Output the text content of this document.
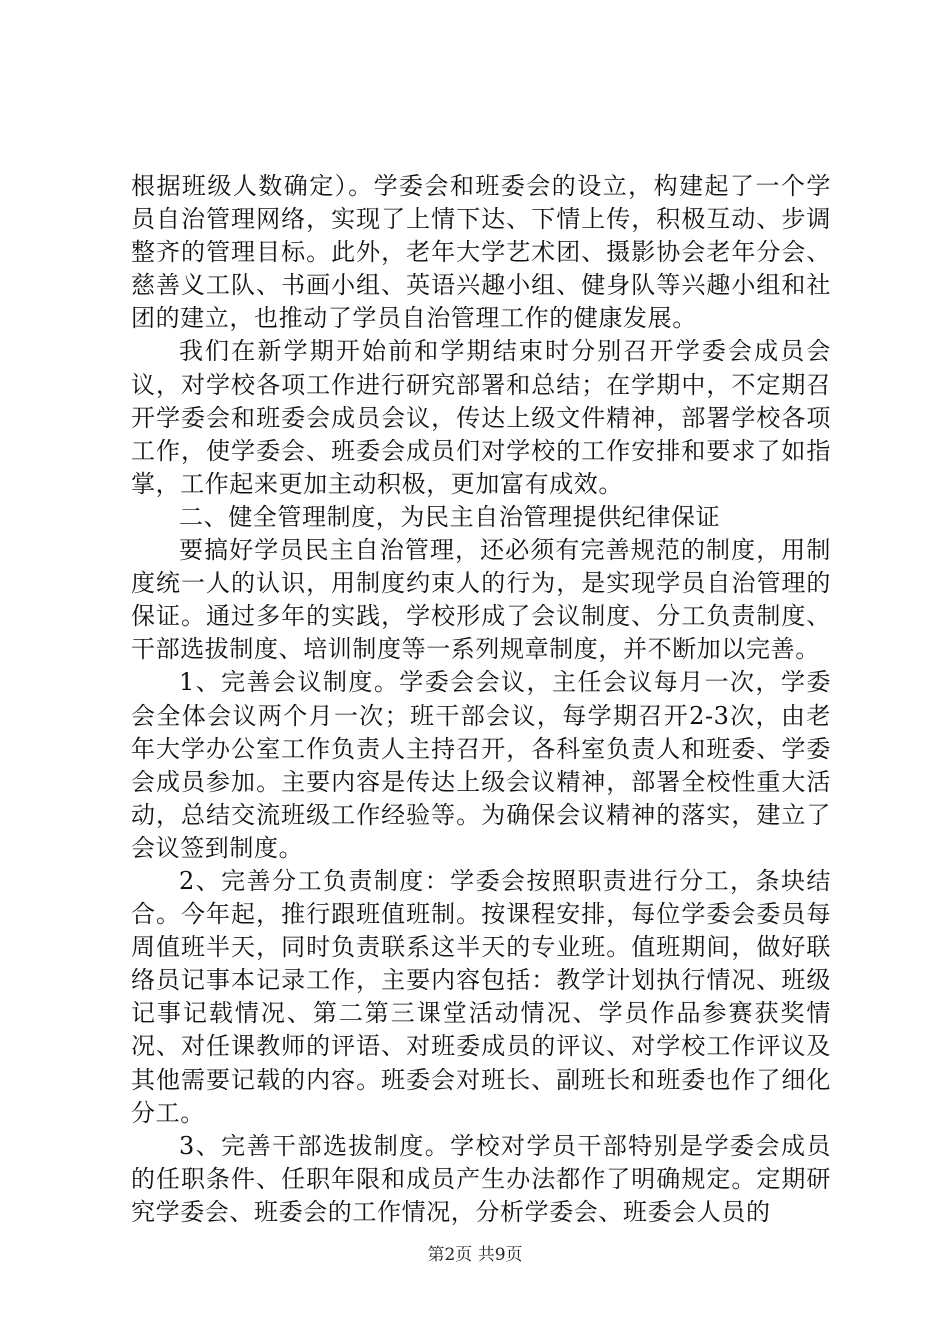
根据班级人数确定）。学委会和班委会的设立，构建起了一个学员自治管理网络，实现了上情下达、下情上传，积极互动、步调整齐的管理目标。此外，老年大学艺术团、摄影协会老年分会、慈善义工队、书画小组、英语兴趣小组、健身队等兴趣小组和社团的建立，也推动了学员自治管理工作的健康发展。

我们在新学期开始前和学期结束时分别召开学委会成员会议，对学校各项工作进行研究部署和总结；在学期中，不定期召开学委会和班委会成员会议，传达上级文件精神，部署学校各项工作，使学委会、班委会成员们对学校的工作安排和要求了如指掌，工作起来更加主动积极，更加富有成效。

二、健全管理制度，为民主自治管理提供纪律保证

要搞好学员民主自治管理，还必须有完善规范的制度，用制度统一人的认识，用制度约束人的行为，是实现学员自治管理的保证。通过多年的实践，学校形成了会议制度、分工负责制度、干部选拔制度、培训制度等一系列规章制度，并不断加以完善。

1、完善会议制度。学委会会议，主任会议每月一次，学委会全体会议两个月一次；班干部会议，每学期召开2-3次，由老年大学办公室工作负责人主持召开，各科室负责人和班委、学委会成员参加。主要内容是传达上级会议精神，部署全校性重大活动，总结交流班级工作经验等。为确保会议精神的落实，建立了会议签到制度。

2、完善分工负责制度：学委会按照职责进行分工，条块结合。今年起，推行跟班值班制。按课程安排，每位学委会委员每周值班半天，同时负责联系这半天的专业班。值班期间，做好联络员记事本记录工作，主要内容包括：教学计划执行情况、班级记事记载情况、第二第三课堂活动情况、学员作品参赛获奖情况、对任课教师的评语、对班委成员的评议、对学校工作评议及其他需要记载的内容。班委会对班长、副班长和班委也作了细化分工。

3、完善干部选拔制度。学校对学员干部特别是学委会成员的任职条件、任职年限和成员产生办法都作了明确规定。定期研究学委会、班委会的工作情况，分析学委会、班委会人员的

第2页 共9页
